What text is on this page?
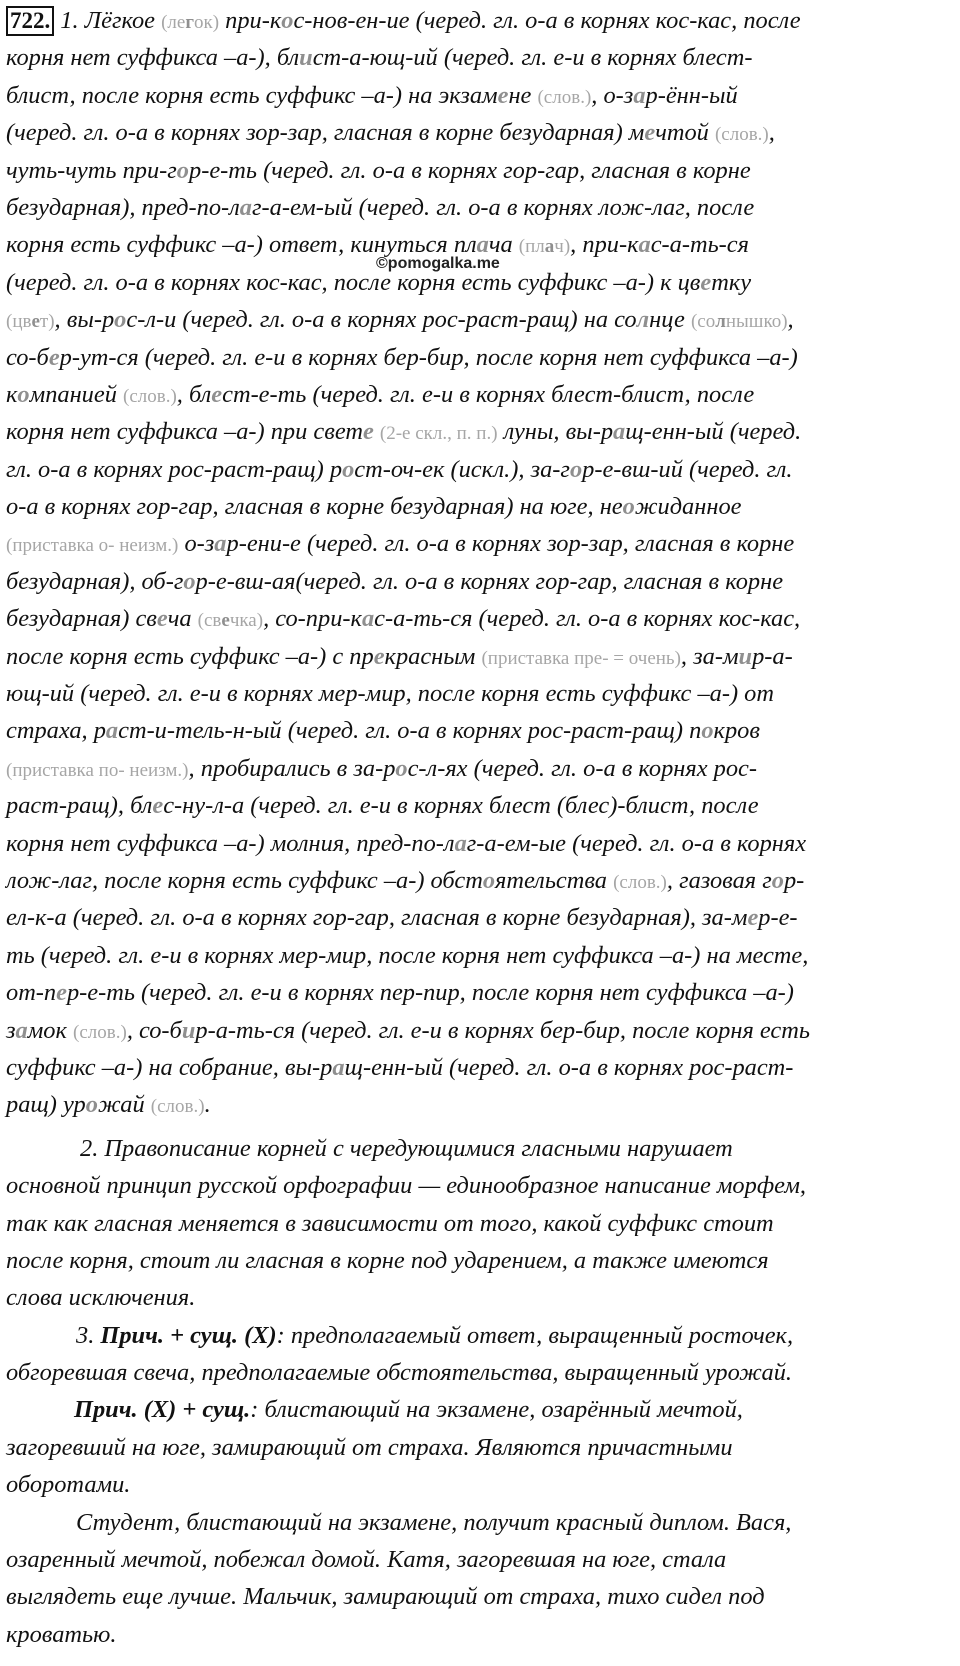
722. 1. Лёгкое (легок) при-кос-нов-ен-ие (черед. гл. о-а в корнях кос-кас, после
корня нет суффикса –а-), блист-а-ющ-ий (черед. гл. е-и в корнях блест-
блист, после корня есть суффикс –а-) на экзамене (слов.), о-зар-ённ-ый
(черед. гл. о-а в корнях зор-зар, гласная в корне безударная) мечтой (слов.),
чуть-чуть при-гор-е-ть (черед. гл. о-а в корнях гор-гар, гласная в корне
безударная), пред-по-лаг-а-ем-ый (черед. гл. о-а в корнях лож-лаг, после
корня есть суффикс –а-) ответ, кинуться плача (плач), при-кас-а-ть-ся
(черед. гл. о-а в корнях кос-кас, после корня есть суффикс –а-) к цветку
(цвет), вы-рос-л-и (черед. гл. о-а в корнях рос-раст-ращ) на солнце (солнышко),
со-бер-ут-ся (черед. гл. е-и в корнях бер-бир, после корня нет суффикса –а-)
компанией (слов.), блест-е-ть (черед. гл. е-и в корнях блест-блист, после
корня нет суффикса –а-) при свете (2-е скл., п. п.) луны, вы-ращ-енн-ый (черед.
гл. о-а в корнях рос-раст-ращ) рост-оч-ек (искл.), за-гор-е-вш-ий (черед. гл.
о-а в корнях гор-гар, гласная в корне безударная) на юге, неожиданное
(приставка о- неизм.) о-зар-ени-е (черед. гл. о-а в корнях зор-зар, гласная в корне
безударная), об-гор-е-вш-ая(черед. гл. о-а в корнях гор-гар, гласная в корне
безударная) свеча (свечка), со-при-кас-а-ть-ся (черед. гл. о-а в корнях кос-кас,
после корня есть суффикс –а-) с прекрасным (приставка пре- = очень), за-мир-а-
ющ-ий (черед. гл. е-и в корнях мер-мир, после корня есть суффикс –а-) от
страха, раст-и-тель-н-ый (черед. гл. о-а в корнях рос-раст-ращ) покров
(приставка по- неизм.), пробирались в за-рос-л-ях (черед. гл. о-а в корнях рос-
раст-ращ), блес-ну-л-а (черед. гл. е-и в корнях блест (блес)-блист, после
корня нет суффикса –а-) молния, пред-по-лаг-а-ем-ые (черед. гл. о-а в корнях
лож-лаг, после корня есть суффикс –а-) обстоятельства (слов.), газовая гор-
ел-к-а (черед. гл. о-а в корнях гор-гар, гласная в корне безударная), за-мер-е-
ть (черед. гл. е-и в корнях мер-мир, после корня нет суффикса –а-) на месте,
от-пер-е-ть (черед. гл. е-и в корнях пер-пир, после корня нет суффикса –а-)
замок (слов.), со-бир-а-ть-ся (черед. гл. е-и в корнях бер-бир, после корня есть
суффикс –а-) на собрание, вы-ращ-енн-ый (черед. гл. о-а в корнях рос-раст-
ращ) урожай (слов.).
2. Правописание корней с чередующимися гласными нарушает
основной принцип русской орфографии — единообразное написание морфем,
так как гласная меняется в зависимости от того, какой суффикс стоит
после корня, стоит ли гласная в корне под ударением, а также имеются
слова исключения.
3. Прич. + сущ. (Х): предполагаемый ответ, выращенный росточек,
обгоревшая свеча, предполагаемые обстоятельства, выращенный урожай.
Прич. (Х) + сущ.: блистающий на экзамене, озарённый мечтой,
загоревший на юге, замирающий от страха. Являются причастными
оборотами.
Студент, блистающий на экзамене, получит красный диплом. Вася,
озаренный мечтой, побежал домой. Катя, загоревшая на юге, стала
выглядеть еще лучше. Мальчик, замирающий от страха, тихо сидел под
кроватью.
©pomogalka.me
